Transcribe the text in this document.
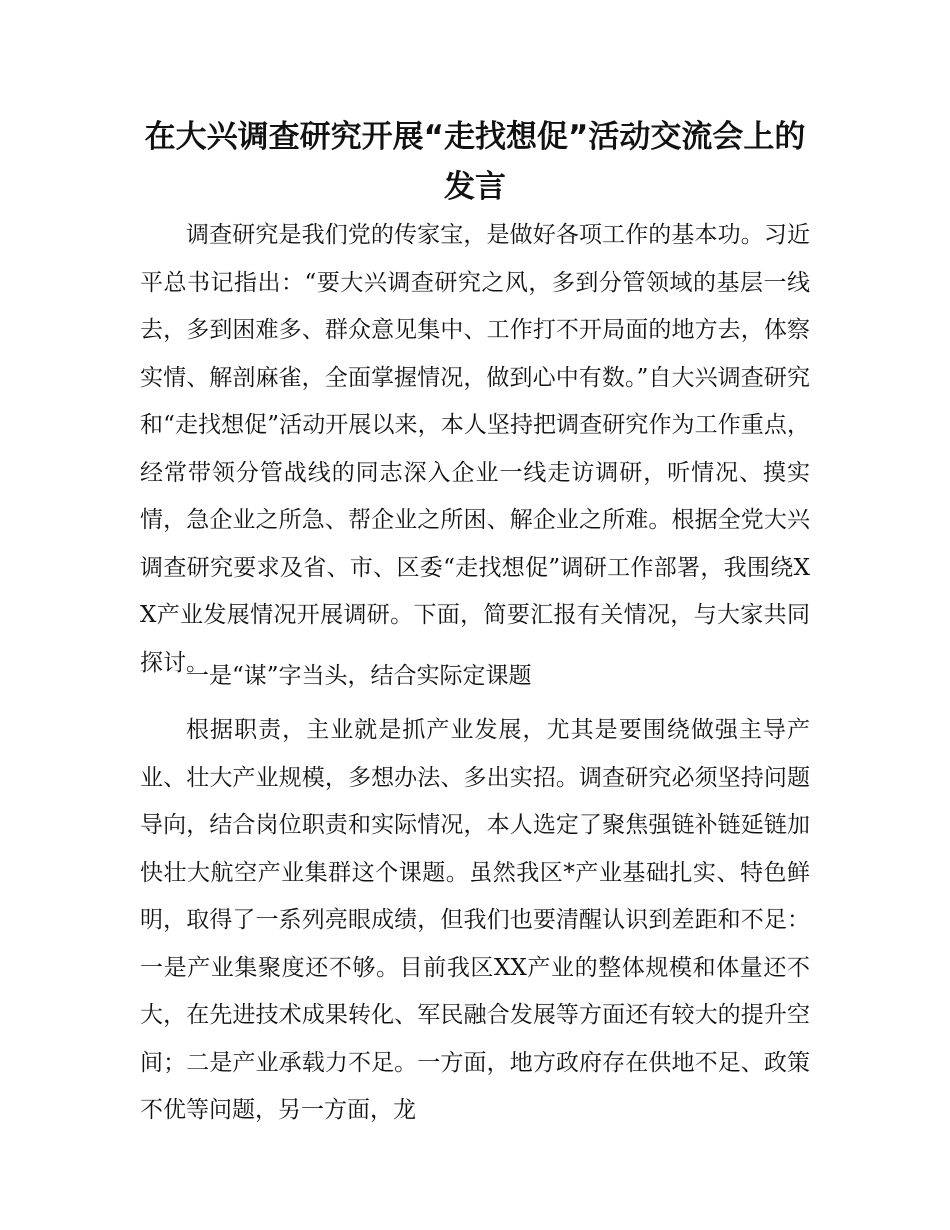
在大兴调查研究开展“走找想促”活动交流会上的发言

调查研究是我们党的传家宝，是做好各项工作的基本功。习近平总书记指出：“要大兴调查研究之风，多到分管领域的基层一线去，多到困难多、群众意见集中、工作打不开局面的地方去，体察实情、解剖麻雀，全面掌握情况，做到心中有数。”自大兴调查研究和“走找想促”活动开展以来，本人坚持把调查研究作为工作重点，经常带领分管战线的同志深入企业一线走访调研，听情况、摸实情，急企业之所急、帮企业之所困、解企业之所难。根据全党大兴调查研究要求及省、市、区委“走找想促”调研工作部署，我围绕XX产业发展情况开展调研。下面，简要汇报有关情况，与大家共同探讨。

一是“谋”字当头，结合实际定课题

根据职责，主业就是抓产业发展，尤其是要围绕做强主导产业、壮大产业规模，多想办法、多出实招。调查研究必须坚持问题导向，结合岗位职责和实际情况，本人选定了聚焦强链补链延链加快壮大航空产业集群这个课题。虽然我区*产业基础扎实、特色鲜明，取得了一系列亮眼成绩，但我们也要清醒认识到差距和不足：一是产业集聚度还不够。目前我区XX产业的整体规模和体量还不大，在先进技术成果转化、军民融合发展等方面还有较大的提升空间；二是产业承载力不足。一方面，地方政府存在供地不足、政策不优等问题，另一方面，龙
